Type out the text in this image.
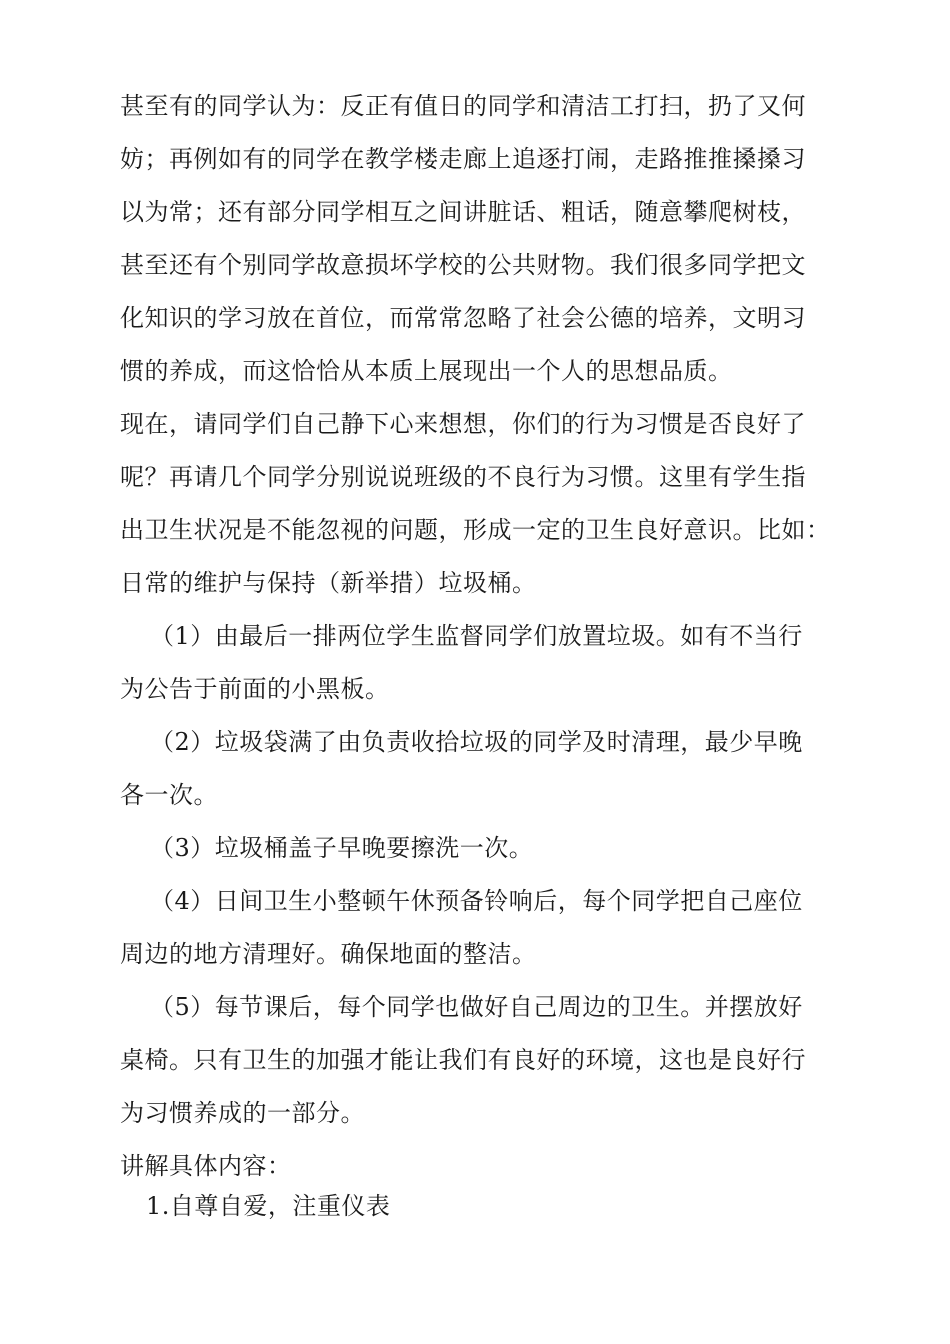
甚至有的同学认为：反正有值日的同学和清洁工打扫，扔了又何
妨；再例如有的同学在教学楼走廊上追逐打闹，走路推推搡搡习
以为常；还有部分同学相互之间讲脏话、粗话，随意攀爬树枝，
甚至还有个别同学故意损坏学校的公共财物。我们很多同学把文
化知识的学习放在首位，而常常忽略了社会公德的培养，文明习
惯的养成，而这恰恰从本质上展现出一个人的思想品质。
现在，请同学们自己静下心来想想，你们的行为习惯是否良好了
呢？再请几个同学分别说说班级的不良行为习惯。这里有学生指
出卫生状况是不能忽视的问题，形成一定的卫生良好意识。比如：
日常的维护与保持（新举措）垃圾桶。
（1）由最后一排两位学生监督同学们放置垃圾。如有不当行
为公告于前面的小黑板。
（2）垃圾袋满了由负责收拾垃圾的同学及时清理，最少早晚
各一次。
（3）垃圾桶盖子早晚要擦洗一次。
（4）日间卫生小整顿午休预备铃响后，每个同学把自己座位
周边的地方清理好。确保地面的整洁。
（5）每节课后，每个同学也做好自己周边的卫生。并摆放好
桌椅。只有卫生的加强才能让我们有良好的环境，这也是良好行
为习惯养成的一部分。
讲解具体内容：
1.自尊自爱，注重仪表
